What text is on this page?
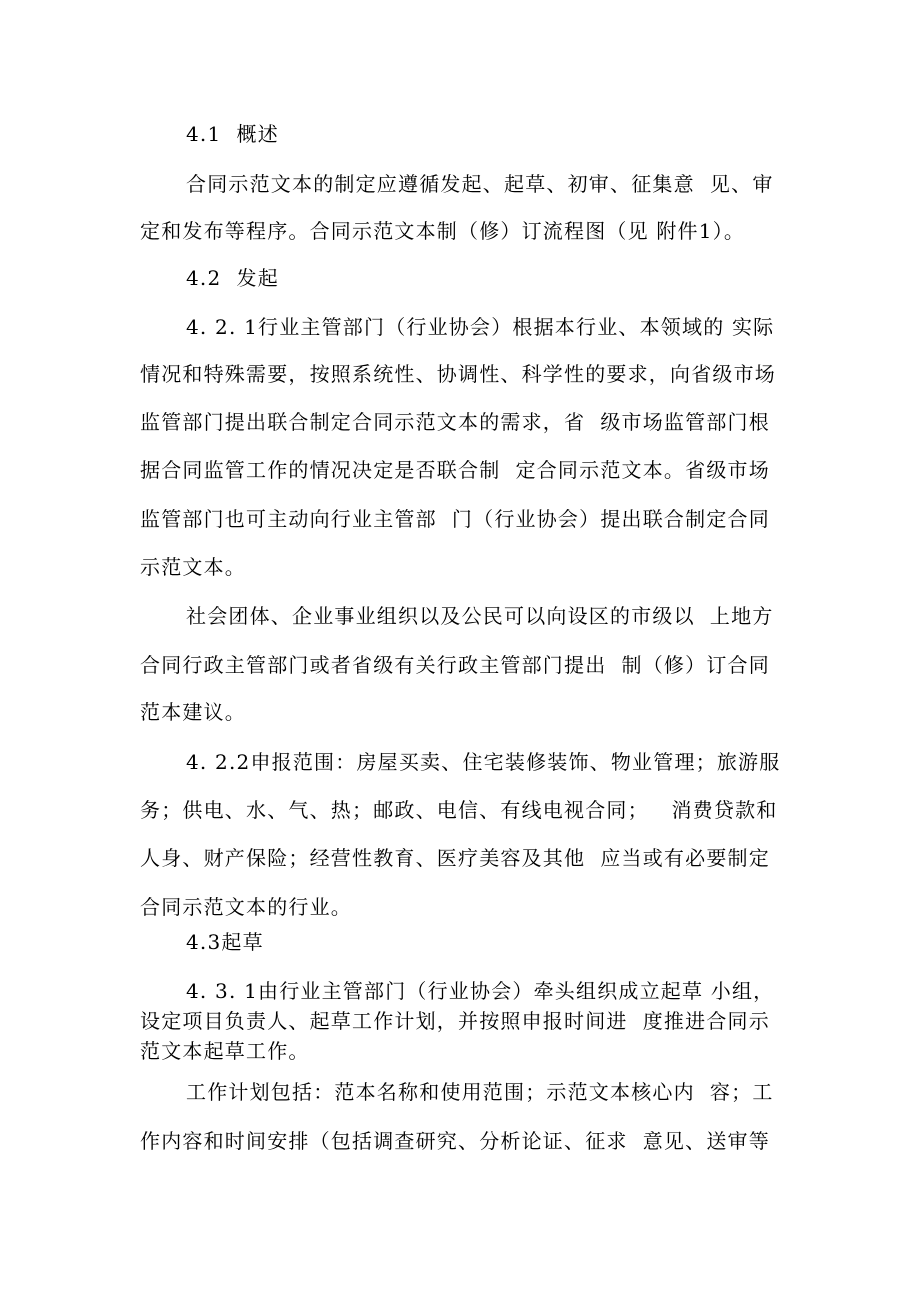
4.1  概述
合同示范文本的制定应遵循发起、起草、初审、征集意  见、审
定和发布等程序。合同示范文本制（修）订流程图（见 附件1）。
4.2  发起
4. 2. 1行业主管部门（行业协会）根据本行业、本领域的 实际
情况和特殊需要，按照系统性、协调性、科学性的要求，向省级市场
监管部门提出联合制定合同示范文本的需求，省  级市场监管部门根
据合同监管工作的情况决定是否联合制  定合同示范文本。省级市场
监管部门也可主动向行业主管部  门（行业协会）提出联合制定合同
示范文本。
社会团体、企业事业组织以及公民可以向设区的市级以  上地方
合同行政主管部门或者省级有关行政主管部门提出  制（修）订合同
范本建议。
4. 2.2申报范围：房屋买卖、住宅装修装饰、物业管理；旅游服
务；供电、水、气、热；邮政、电信、有线电视合同；   消费贷款和
人身、财产保险；经营性教育、医疗美容及其他  应当或有必要制定
合同示范文本的行业。
4.3起草
4. 3. 1由行业主管部门（行业协会）牵头组织成立起草 小组，
设定项目负责人、起草工作计划，并按照申报时间进  度推进合同示
范文本起草工作。
工作计划包括：范本名称和使用范围；示范文本核心内  容；工
作内容和时间安排（包括调查研究、分析论证、征求  意见、送审等
